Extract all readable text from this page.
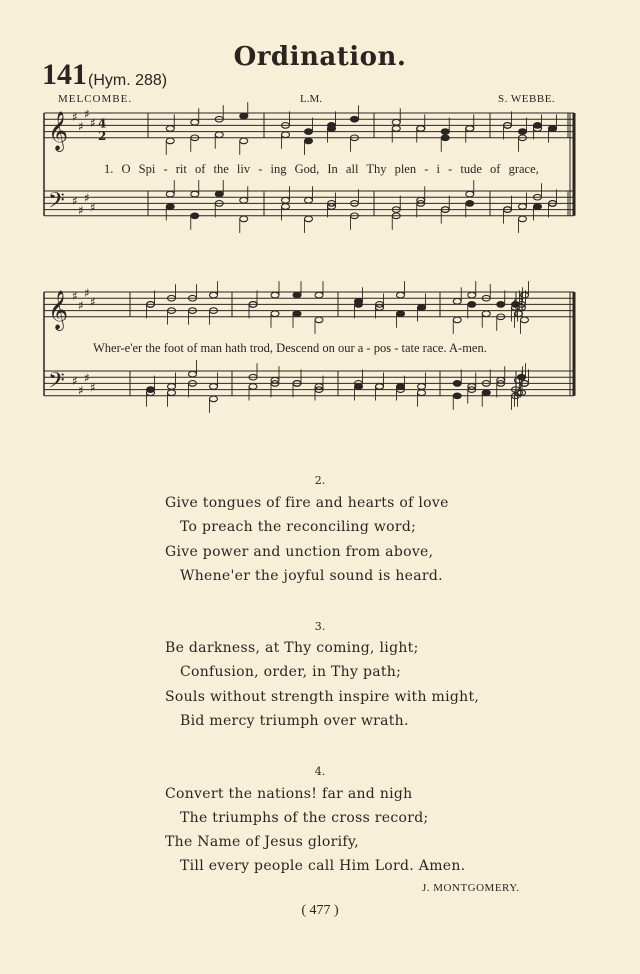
Ordination.
141 (Hym. 288)
MELCOMBE.	L.M.	S. WEBBE.
𝄞
𝄢
♯
♯
♯
♯
♯
♯
♯
♯
4
2
𝄞
𝄢
♯
♯
♯
♯
♯
♯
♯
♯
1. O Spi - rit of the liv - ing God, In all Thy plen - i - tude of grace,
Wher-e'er the foot of man hath trod, Descend on our a - pos - tate race. A-men.
2.
Give tongues of fire and hearts of love
To preach the reconciling word;
Give power and unction from above,
Whene'er the joyful sound is heard.
3.
Be darkness, at Thy coming, light;
Confusion, order, in Thy path;
Souls without strength inspire with might,
Bid mercy triumph over wrath.
4.
Convert the nations! far and nigh
The triumphs of the cross record;
The Name of Jesus glorify,
Till every people call Him Lord. Amen.
J. MONTGOMERY.
( 477 )
